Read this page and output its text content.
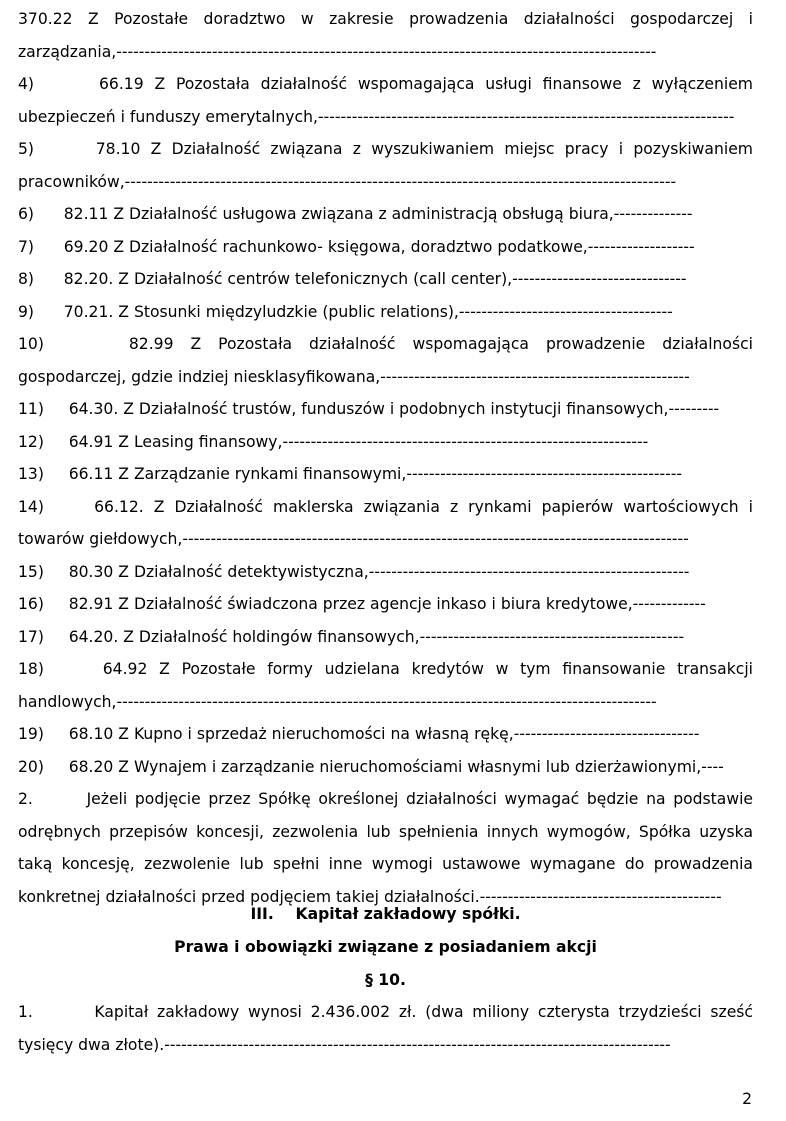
370.22 Z Pozostałe doradztwo w zakresie prowadzenia działalności gospodarczej i
zarządzania,------------------------------------------------------------------------------------------------
4)      66.19 Z Pozostała działalność wspomagająca usługi finansowe z wyłączeniem
ubezpieczeń i funduszy emerytalnych,--------------------------------------------------------------------------
5)      78.10 Z Działalność związana z wyszukiwaniem miejsc pracy i pozyskiwaniem
pracowników,--------------------------------------------------------------------------------------------------
6)      82.11 Z Działalność usługowa związana z administracją obsługą biura,--------------
7)      69.20 Z Działalność rachunkowo- księgowa, doradztwo podatkowe,-------------------
8)      82.20. Z Działalność centrów telefonicznych (call center),-------------------------------
9)      70.21. Z Stosunki międzyludzkie (public relations),--------------------------------------
10)     82.99 Z Pozostała działalność wspomagająca prowadzenie działalności
gospodarczej, gdzie indziej niesklasyfikowana,-------------------------------------------------------
11)     64.30. Z Działalność trustów, funduszów i podobnych instytucji finansowych,---------
12)     64.91 Z Leasing finansowy,-----------------------------------------------------------------
13)     66.11 Z Zarządzanie rynkami finansowymi,-------------------------------------------------
14)     66.12. Z Działalność maklerska związania z rynkami papierów wartościowych i
towarów giełdowych,------------------------------------------------------------------------------------------
15)     80.30 Z Działalność detektywistyczna,---------------------------------------------------------
16)     82.91 Z Działalność świadczona przez agencje inkaso i biura kredytowe,-------------
17)     64.20. Z Działalność holdingów finansowych,-----------------------------------------------
18)     64.92 Z Pozostałe formy udzielana kredytów w tym finansowanie transakcji
handlowych,------------------------------------------------------------------------------------------------
19)     68.10 Z Kupno i sprzedaż nieruchomości na własną rękę,---------------------------------
20)     68.20 Z Wynajem i zarządzanie nieruchomościami własnymi lub dzierżawionymi,----
2.       Jeżeli podjęcie przez Spółkę określonej działalności wymagać będzie na podstawie
odrębnych przepisów koncesji, zezwolenia lub spełnienia innych wymogów, Spółka uzyska
taką koncesję, zezwolenie lub spełni inne wymogi ustawowe wymagane do prowadzenia
konkretnej działalności przed podjęciem takiej działalności.-------------------------------------------
III.    Kapitał zakładowy spółki.
Prawa i obowiązki związane z posiadaniem akcji
§ 10.
1.       Kapitał zakładowy wynosi 2.436.002 zł. (dwa miliony czterysta trzydzieści sześć
tysięcy dwa złote).------------------------------------------------------------------------------------------
2
